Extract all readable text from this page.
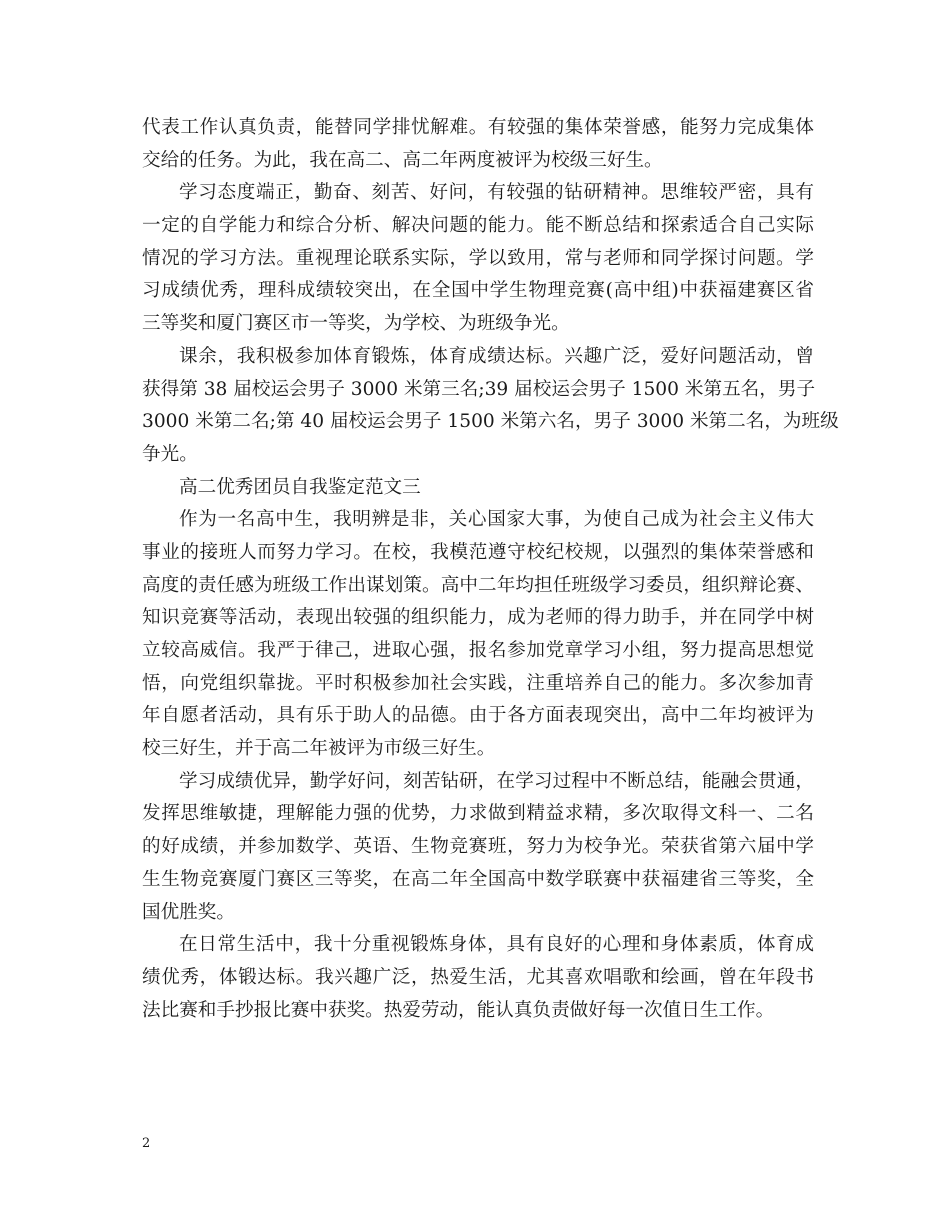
代表工作认真负责，能替同学排忧解难。有较强的集体荣誉感，能努力完成集体
交给的任务。为此，我在高二、高二年两度被评为校级三好生。
学习态度端正，勤奋、刻苦、好问，有较强的钻研精神。思维较严密，具有
一定的自学能力和综合分析、解决问题的能力。能不断总结和探索适合自己实际
情况的学习方法。重视理论联系实际，学以致用，常与老师和同学探讨问题。学
习成绩优秀，理科成绩较突出，在全国中学生物理竞赛(高中组)中获福建赛区省
三等奖和厦门赛区市一等奖，为学校、为班级争光。
课余，我积极参加体育锻炼，体育成绩达标。兴趣广泛，爱好问题活动，曾
获得第 38 届校运会男子 3000 米第三名;39 届校运会男子 1500 米第五名，男子
3000 米第二名;第 40 届校运会男子 1500 米第六名，男子 3000 米第二名，为班级
争光。
高二优秀团员自我鉴定范文三
作为一名高中生，我明辨是非，关心国家大事，为使自己成为社会主义伟大
事业的接班人而努力学习。在校，我模范遵守校纪校规，以强烈的集体荣誉感和
高度的责任感为班级工作出谋划策。高中二年均担任班级学习委员，组织辩论赛、
知识竞赛等活动，表现出较强的组织能力，成为老师的得力助手，并在同学中树
立较高威信。我严于律己，进取心强，报名参加党章学习小组，努力提高思想觉
悟，向党组织靠拢。平时积极参加社会实践，注重培养自己的能力。多次参加青
年自愿者活动，具有乐于助人的品德。由于各方面表现突出，高中二年均被评为
校三好生，并于高二年被评为市级三好生。
学习成绩优异，勤学好问，刻苦钻研，在学习过程中不断总结，能融会贯通，
发挥思维敏捷，理解能力强的优势，力求做到精益求精，多次取得文科一、二名
的好成绩，并参加数学、英语、生物竞赛班，努力为校争光。荣获省第六届中学
生生物竞赛厦门赛区三等奖，在高二年全国高中数学联赛中获福建省三等奖，全
国优胜奖。
在日常生活中，我十分重视锻炼身体，具有良好的心理和身体素质，体育成
绩优秀，体锻达标。我兴趣广泛，热爱生活，尤其喜欢唱歌和绘画，曾在年段书
法比赛和手抄报比赛中获奖。热爱劳动，能认真负责做好每一次值日生工作。
2
